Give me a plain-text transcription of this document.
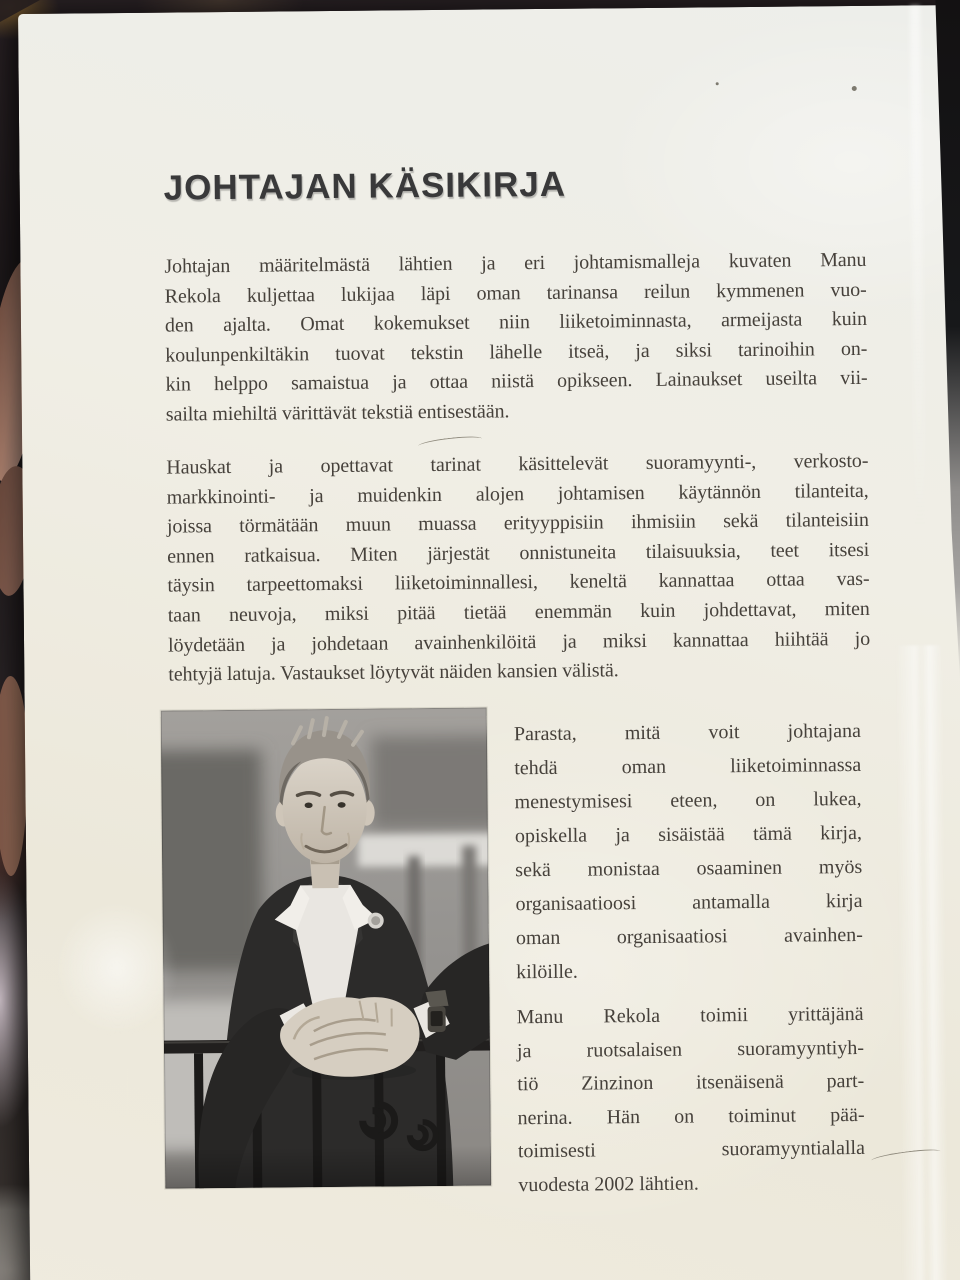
JOHTAJAN KÄSIKIRJA
Johtajan määritelmästä lähtien ja eri johtamismalleja kuvaten Manu
Rekola kuljettaa lukijaa läpi oman tarinansa reilun kymmenen vuo-
den ajalta. Omat kokemukset niin liiketoiminnasta, armeijasta kuin
koulunpenkiltäkin tuovat tekstin lähelle itseä, ja siksi tarinoihin on-
kin helppo samaistua ja ottaa niistä opikseen. Lainaukset useilta vii-
sailta miehiltä värittävät tekstiä entisestään.
Hauskat ja opettavat tarinat käsittelevät suoramyynti-, verkosto-
markkinointi- ja muidenkin alojen johtamisen käytännön tilanteita,
joissa törmätään muun muassa erityyppisiin ihmisiin sekä tilanteisiin
ennen ratkaisua. Miten järjestät onnistuneita tilaisuuksia, teet itsesi
täysin tarpeettomaksi liiketoiminnallesi, keneltä kannattaa ottaa vas-
taan neuvoja, miksi pitää tietää enemmän kuin johdettavat, miten
löydetään ja johdetaan avainhenkilöitä ja miksi kannattaa hiihtää jo
tehtyjä latuja. Vastaukset löytyvät näiden kansien välistä.
Parasta, mitä voit johtajana
tehdä oman liiketoiminnassa
menestymisesi eteen, on lukea,
opiskella ja sisäistää tämä kirja,
sekä monistaa osaaminen myös
organisaatioosi antamalla kirja
oman organisaatiosi avainhen-
kilöille.
Manu Rekola toimii yrittäjänä
ja ruotsalaisen suoramyyntiyh-
tiö Zinzinon itsenäisenä part-
nerina. Hän on toiminut pää-
toimisesti suoramyyntialalla
vuodesta 2002 lähtien.
